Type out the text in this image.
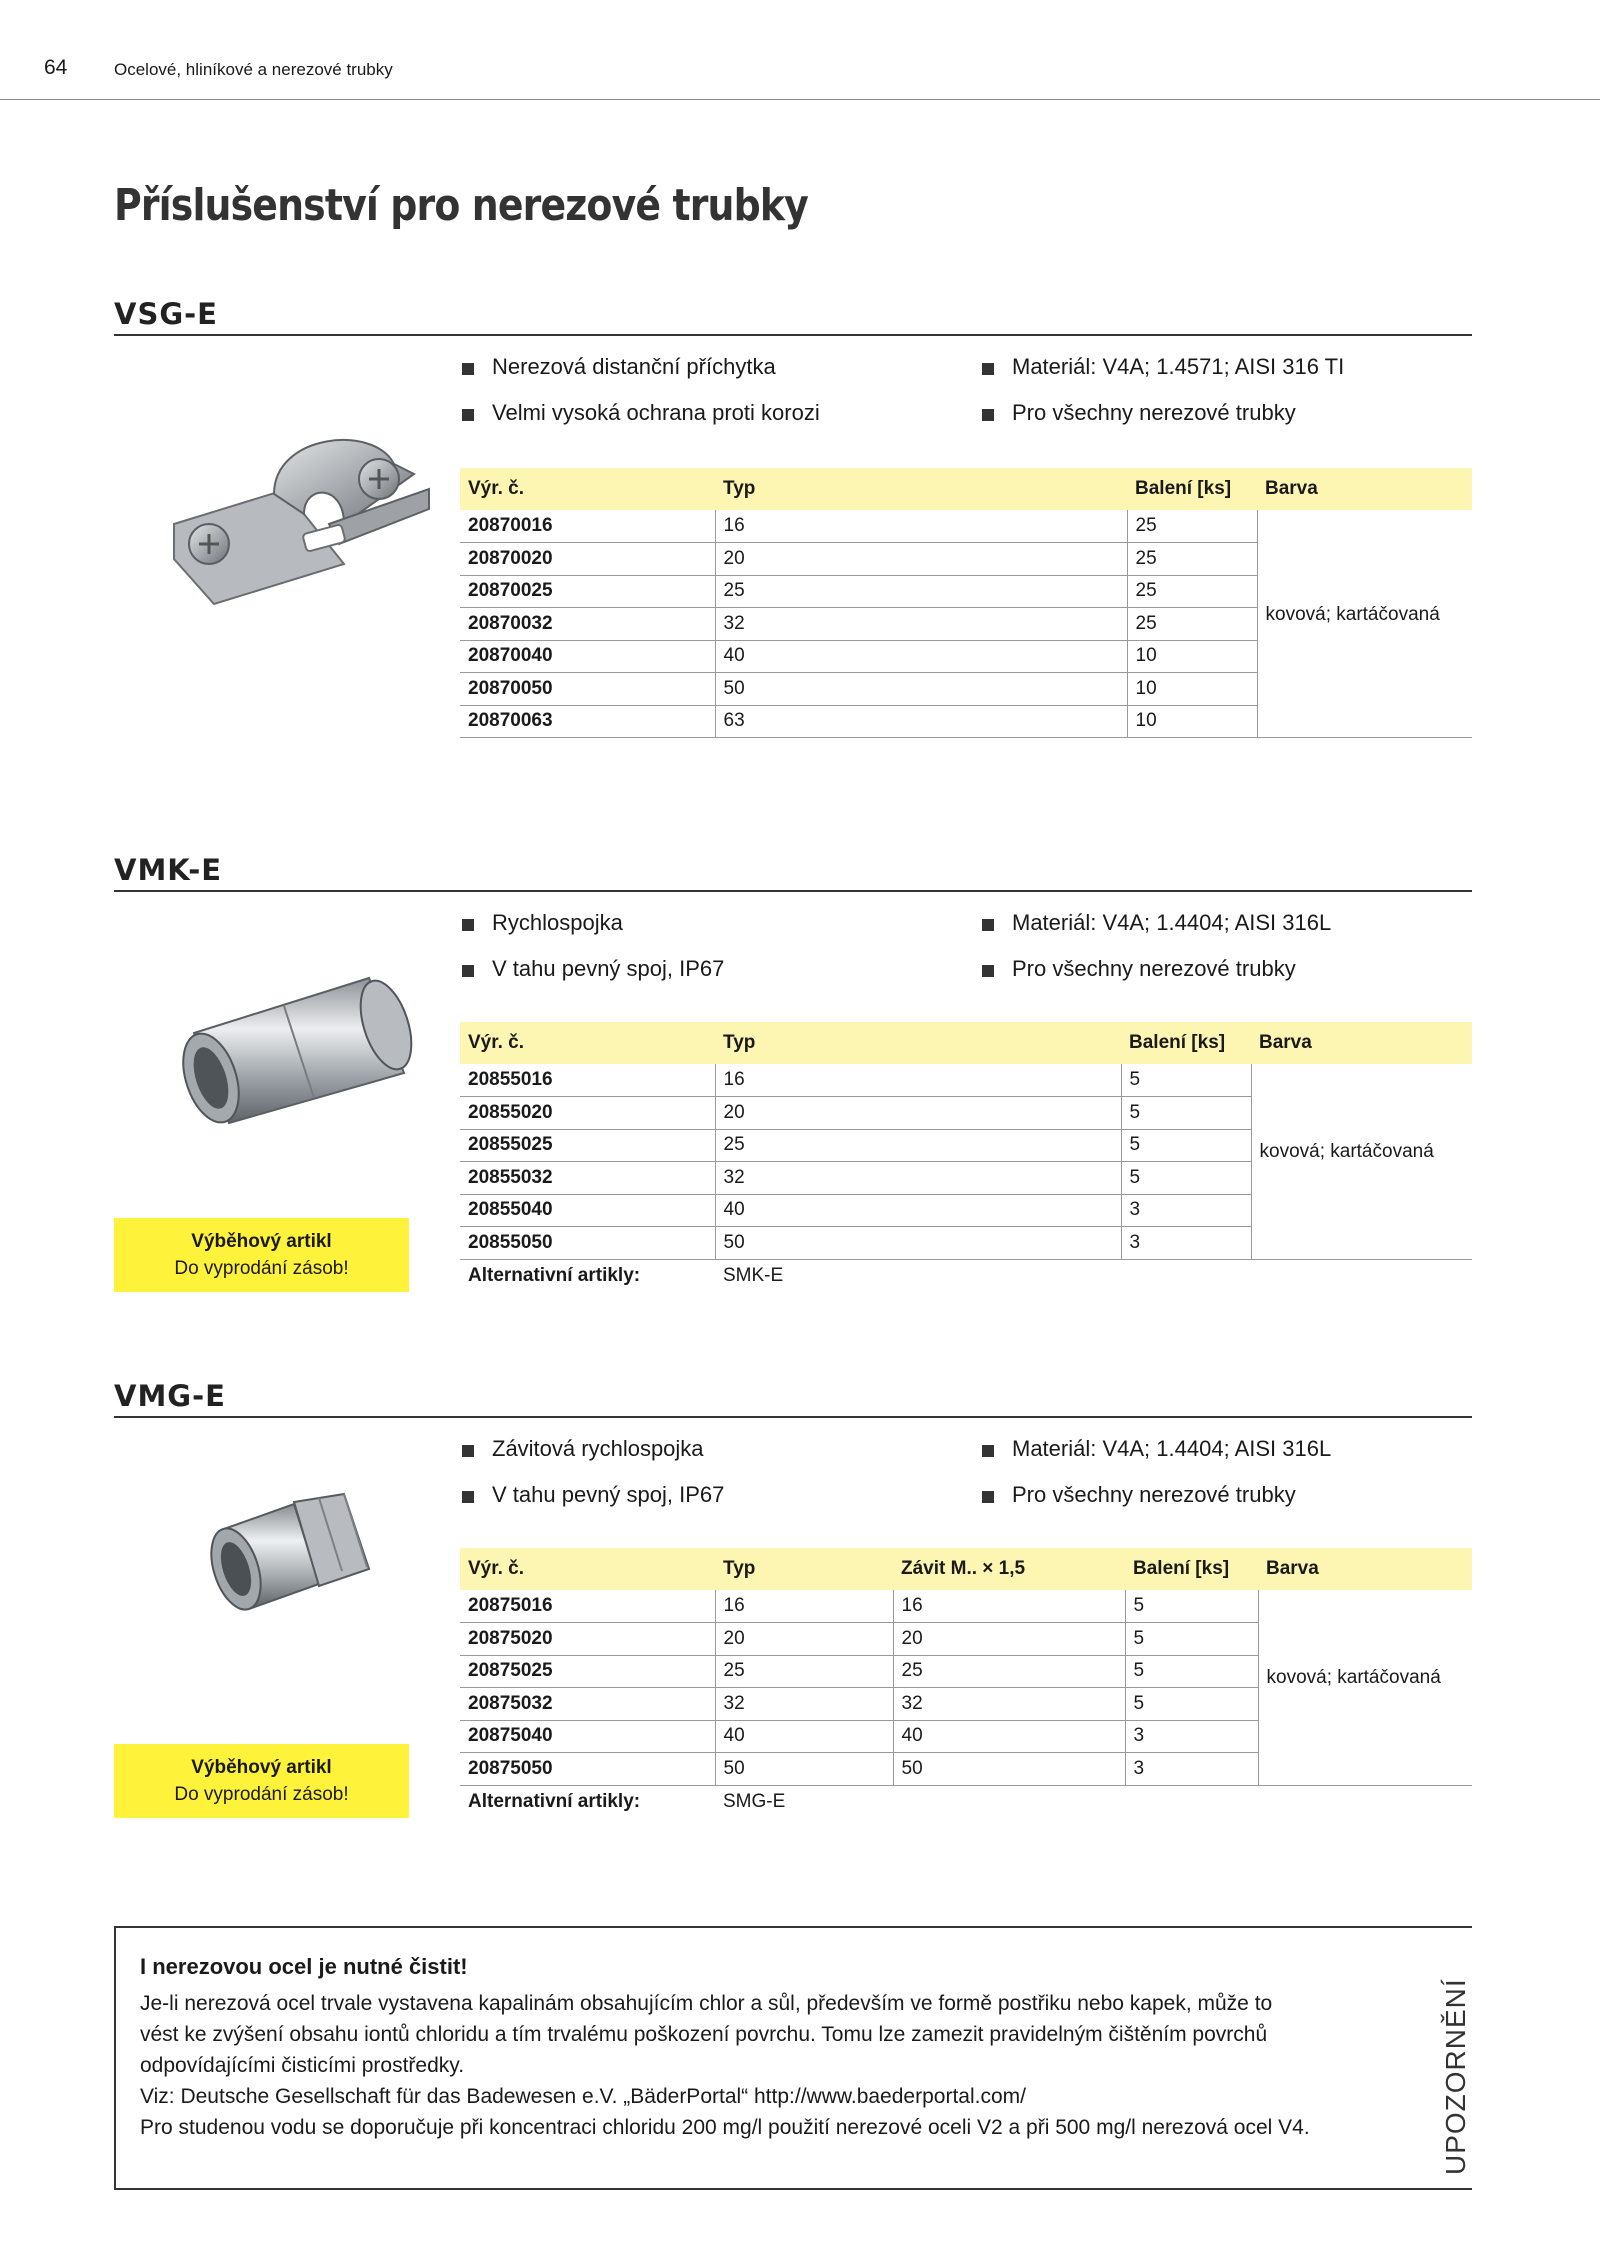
64	Ocelové, hliníkové a nerezové trubky
Příslušenství pro nerezové trubky
VSG-E
Nerezová distanční příchytka
Velmi vysoká ochrana proti korozi
Materiál: V4A; 1.4571; AISI 316 TI
Pro všechny nerezové trubky
Výr. č.	Typ	Balení [ks]	Barva
20870016	16	25	kovová; kartáčovaná
20870020	20	25	
20870025	25	25	
20870032	32	25	
20870040	40	10	
20870050	50	10	
20870063	63	10	
VMK-E
Rychlospojka
V tahu pevný spoj, IP67
Materiál: V4A; 1.4404; AISI 316L
Pro všechny nerezové trubky
Výr. č.	Typ	Balení [ks]	Barva
20855016	16	5	kovová; kartáčovaná
20855020	20	5	
20855025	25	5	
20855032	32	5	
20855040	40	3	
20855050	50	3	
Alternativní artikly:	SMK-E		
Výběhový artikl
Do vyprodání zásob!
VMG-E
Závitová rychlospojka
V tahu pevný spoj, IP67
Materiál: V4A; 1.4404; AISI 316L
Pro všechny nerezové trubky
Výr. č.	Typ	Závit M.. × 1,5	Balení [ks]	Barva
20875016	16	16	5	kovová; kartáčovaná
20875020	20	20	5	
20875025	25	25	5	
20875032	32	32	5	
20875040	40	40	3	
20875050	50	50	3	
Alternativní artikly:	SMG-E			
Výběhový artikl
Do vyprodání zásob!
I nerezovou ocel je nutné čistit!
Je-li nerezová ocel trvale vystavena kapalinám obsahujícím chlor a sůl, především ve formě postřiku nebo kapek, může to
vést ke zvýšení obsahu iontů chloridu a tím trvalému poškození povrchu. Tomu lze zamezit pravidelným čištěním povrchů
odpovídajícími čisticími prostředky.
Viz: Deutsche Gesellschaft für das Badewesen e.V. „BäderPortal“ http://www.baederportal.com/
Pro studenou vodu se doporučuje při koncentraci chloridu 200 mg/l použití nerezové oceli V2 a při 500 mg/l nerezová ocel V4.	UPOZORNĚNÍ
